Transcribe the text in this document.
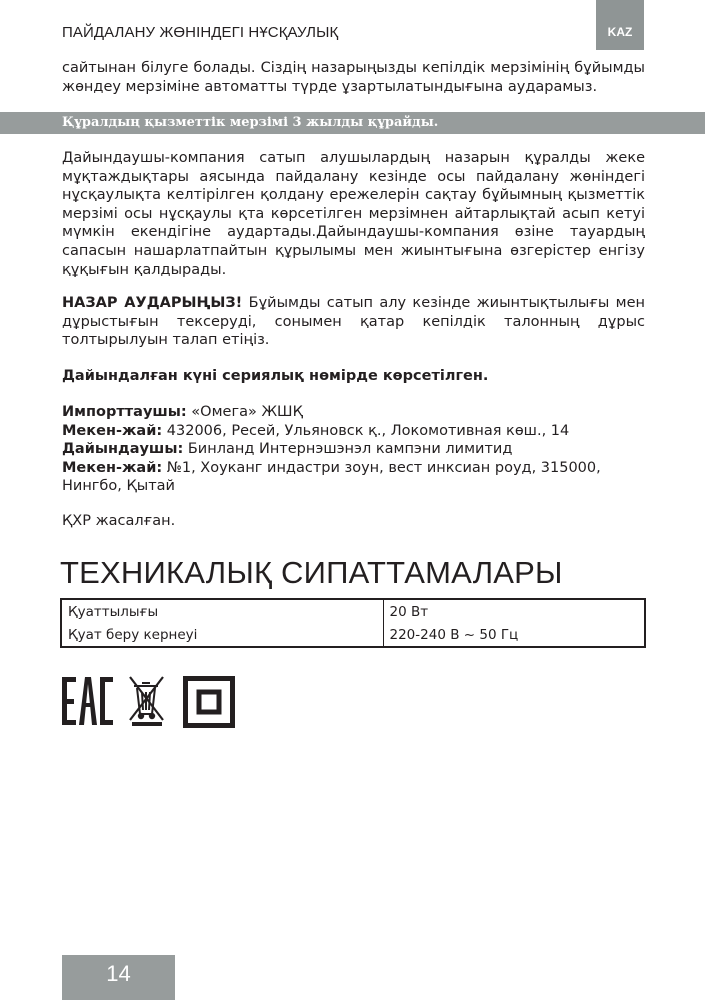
ПАЙДАЛАНУ ЖӨНІНДЕГІ НҰСҚАУЛЫҚ	KAZ
сайтынан білуге болады. Сіздің назарыңызды кепілдік мерзімінің бұйымды жөндеу мерзіміне автоматты түрде ұзартылатындығына аударамыз.
Құралдың қызметтік мерзімі 3 жылды құрайды.
Дайындаушы-компания сатып алушылардың назарын құралды жеке мұқтаждықтары аясында пайдалану кезінде осы пайдалану жөніндегі нұсқаулықта келтірілген қолдану ережелерін сақтау бұйымның қызметтік мерзімі осы нұсқаулы қта көрсетілген мерзімнен айтарлықтай асып кетуі мүмкін екендігіне аудартады.Дайындаушы-компания өзіне тауардың сапасын нашарлатпайтын құрылымы мен жиынтығына өзгерістер енгізу құқығын қалдырады.
НАЗАР АУДАРЫҢЫЗ! Бұйымды сатып алу кезінде жиынтықтылығы мен дұрыстығын тексеруді, сонымен қатар кепілдік талонның дұрыс толтырылуын талап етіңіз.
Дайындалған күні сериялық нөмірде көрсетілген.
Импорттаушы: «Омега» ЖШҚ
Мекен-жай: 432006, Ресей, Ульяновск қ., Локомотивная көш., 14
Дайындаушы: Бинланд Интернэшэнэл кампэни лимитид
Мекен-жай: №1, Хоуканг индастри зоун, вест инксиан роуд, 315000, Нингбо, Қытай
ҚХР жасалған.
ТЕХНИКАЛЫҚ СИПАТТАМАЛАРЫ
Қуаттылығы	20 Вт
Қуат беру кернеуі	220-240 В ~ 50 Гц
14
